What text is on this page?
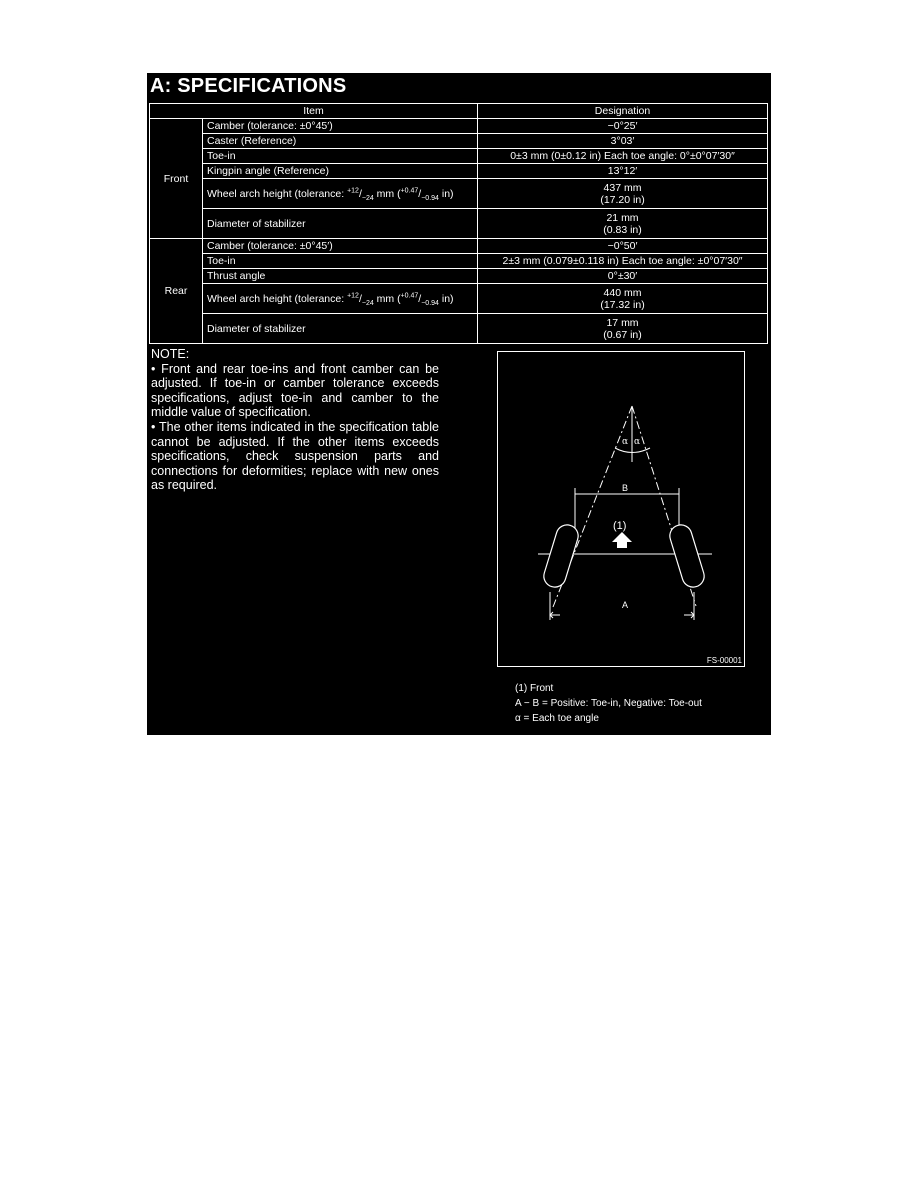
A: SPECIFICATIONS
Item		Designation
Front	Camber (tolerance: ±0°45′)	−0°25′
	Caster (Reference)	3°03′
	Toe-in	0±3 mm (0±0.12 in) Each toe angle: 0°±0°07′30″
	Kingpin angle (Reference)	13°12′
	Wheel arch height (tolerance: $^{+12}/_{-24}$ mm ($^{+0.47}/_{-0.94}$ in)	437 mm
(17.20 in)

	Diameter of stabilizer	21 mm
(0.83 in)

Rear	Camber (tolerance: ±0°45′)	−0°50′
	Toe-in	2±3 mm (0.079±0.118 in) Each toe angle: ±0°07′30″
	Thrust angle	0°±30′
	Wheel arch height (tolerance: $^{+12}/_{-24}$ mm ($^{+0.47}/_{-0.94}$ in)	440 mm
(17.32 in)

	Diameter of stabilizer	17 mm
(0.67 in)

NOTE:

• Front and rear toe-ins and front camber can be adjusted. If toe-in or camber tolerance exceeds specifications, adjust toe-in and camber to the middle value of specification.

• The other items indicated in the specification table cannot be adjusted. If the other items exceeds specifications, check suspension parts and connections for deformities; replace with new ones as required.

α α
B
(1)
A
FS-00001
(1) Front
A − B = Positive: Toe-in, Negative: Toe-out
α = Each toe angle
